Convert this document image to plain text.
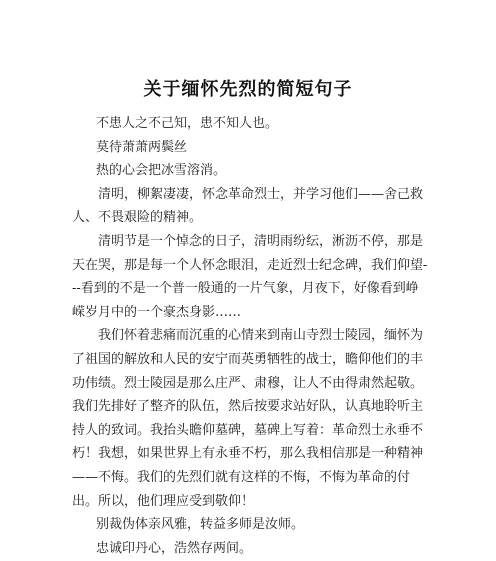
关于缅怀先烈的简短句子

不患人之不己知，患不知人也。

莫待萧萧两鬓丝

热的心会把冰雪溶消。

清明，柳絮凄凄，怀念革命烈士，并学习他们——舍己救人、不畏艰险的精神。

清明节是一个悼念的日子，清明雨纷纭，淅沥不停，那是天在哭，那是每一个人怀念眼泪，走近烈士纪念碑，我们仰望---看到的不是一个普一般通的一片气象，月夜下，好像看到峥嵘岁月中的一个豪杰身影……

我们怀着悲痛而沉重的心情来到南山寺烈士陵园，缅怀为了祖国的解放和人民的安宁而英勇牺牲的战士，瞻仰他们的丰功伟绩。烈士陵园是那么庄严、肃穆，让人不由得肃然起敬。我们先排好了整齐的队伍，然后按要求站好队，认真地聆听主持人的致词。我抬头瞻仰墓碑，墓碑上写着：革命烈士永垂不朽！我想，如果世界上有永垂不朽，那么我相信那是一种精神——不悔。我们的先烈们就有这样的不悔，不悔为革命的付出。所以，他们理应受到敬仰！

别裁伪体亲风雅，转益多师是汝师。

忠诚印丹心，浩然存两间。
